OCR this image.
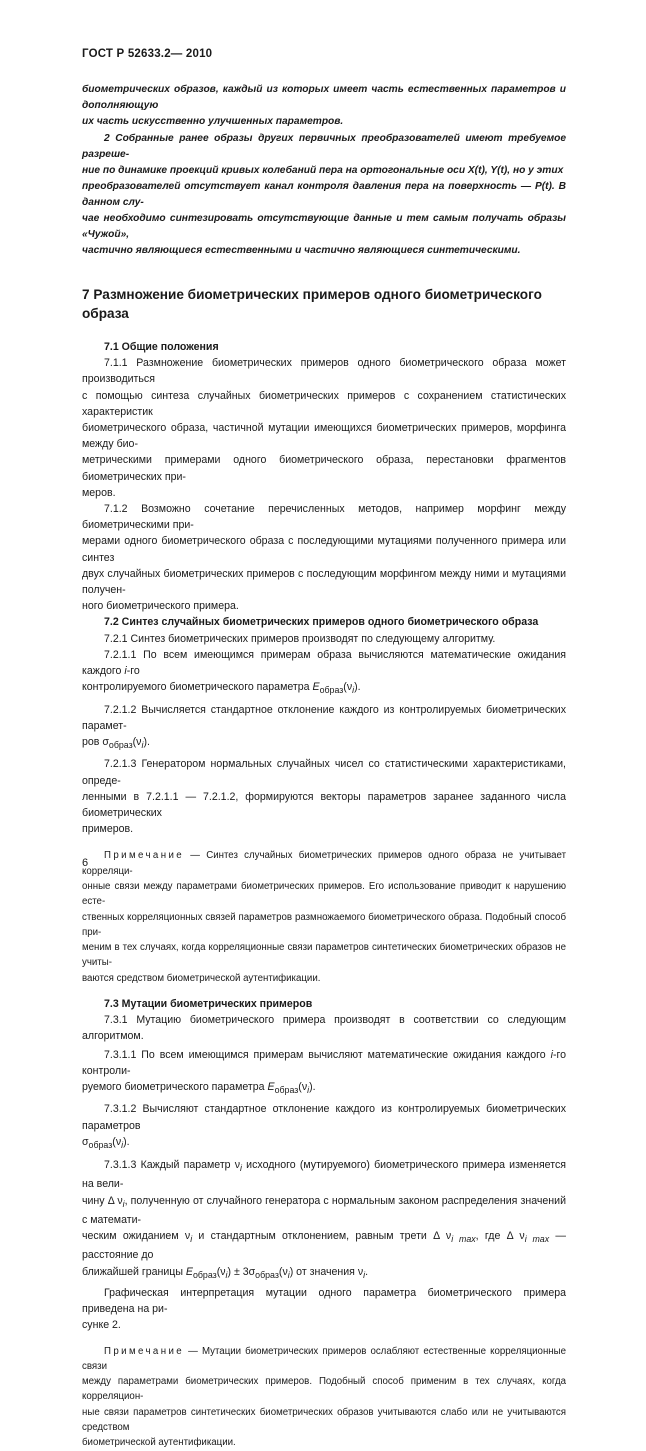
ГОСТ Р 52633.2— 2010

биометрических образов, каждый из которых имеет часть естественных параметров и дополняющую
их часть искусственно улучшенных параметров.

2 Собранные ранее образы других первичных преобразователей имеют требуемое разреше-
ние по динамике проекций кривых колебаний пера на ортогональные оси X(t), Y(t), но у этих
преобразователей отсутствует канал контроля давления пера на поверхность — P(t). В данном слу-
чае необходимо синтезировать отсутствующие данные и тем самым получать образы «Чужой»,
частично являющиеся естественными и частично являющиеся синтетическими.

7 Размножение биометрических примеров одного биометрического
образа

7.1 Общие положения

7.1.1 Размножение биометрических примеров одного биометрического образа может производиться
с помощью синтеза случайных биометрических примеров с сохранением статистических характеристик
биометрического образа, частичной мутации имеющихся биометрических примеров, морфинга между био-
метрическими примерами одного биометрического образа, перестановки фрагментов биометрических при-
меров.

7.1.2 Возможно сочетание перечисленных методов, например морфинг между биометрическими при-
мерами одного биометрического образа с последующими мутациями полученного примера или синтез
двух случайных биометрических примеров с последующим морфингом между ними и мутациями получен-
ного биометрического примера.

7.2 Синтез случайных биометрических примеров одного биометрического образа

7.2.1 Синтез биометрических примеров производят по следующему алгоритму.

7.2.1.1 По всем имеющимся примерам образа вычисляются математические ожидания каждого i-го
контролируемого биометрического параметра $E_{образ}(\nu_i)$.

7.2.1.2 Вычисляется стандартное отклонение каждого из контролируемых биометрических парамет-
ров $\sigma_{образ}(\nu_i)$.

7.2.1.3 Генератором нормальных случайных чисел со статистическими характеристиками, опреде-
ленными в 7.2.1.1 — 7.2.1.2, формируются векторы параметров заранее заданного числа биометрических
примеров.

Примечание — Синтез случайных биометрических примеров одного образа не учитывает корреляци-
онные связи между параметрами биометрических примеров. Его использование приводит к нарушению есте-
ственных корреляционных связей параметров размножаемого биометрического образа. Подобный способ при-
меним в тех случаях, когда корреляционные связи параметров синтетических биометрических образов не учиты-
ваются средством биометрической аутентификации.

7.3 Мутации биометрических примеров

7.3.1 Мутацию биометрического примера производят в соответствии со следующим алгоритмом.

7.3.1.1 По всем имеющимся примерам вычисляют математические ожидания каждого i-го контроли-
руемого биометрического параметра $E_{образ}(\nu_i)$.

7.3.1.2 Вычисляют стандартное отклонение каждого из контролируемых биометрических параметров
$\sigma_{образ}(\nu_i)$.

7.3.1.3 Каждый параметр $\nu_i$ исходного (мутируемого) биометрического примера изменяется на вели-
чину Δ $\nu_i$, полученную от случайного генератора с нормальным законом распределения значений с математи-
ческим ожиданием $\nu_i$ и стандартным отклонением, равным трети Δ $\nu_{i max}$, где Δ $\nu_{i max}$ — расстояние до
ближайшей границы $E_{образ}(\nu_i) \pm 3\sigma_{образ}(\nu_i)$ от значения $\nu_i$.

Графическая интерпретация мутации одного параметра биометрического примера приведена на ри-
сунке 2.

Примечание — Мутации биометрических примеров ослабляют естественные корреляционные связи
между параметрами биометрических примеров. Подобный способ применим в тех случаях, когда корреляцион-
ные связи параметров синтетических биометрических образов учитываются слабо или не учитываются средством
биометрической аутентификации.

6
